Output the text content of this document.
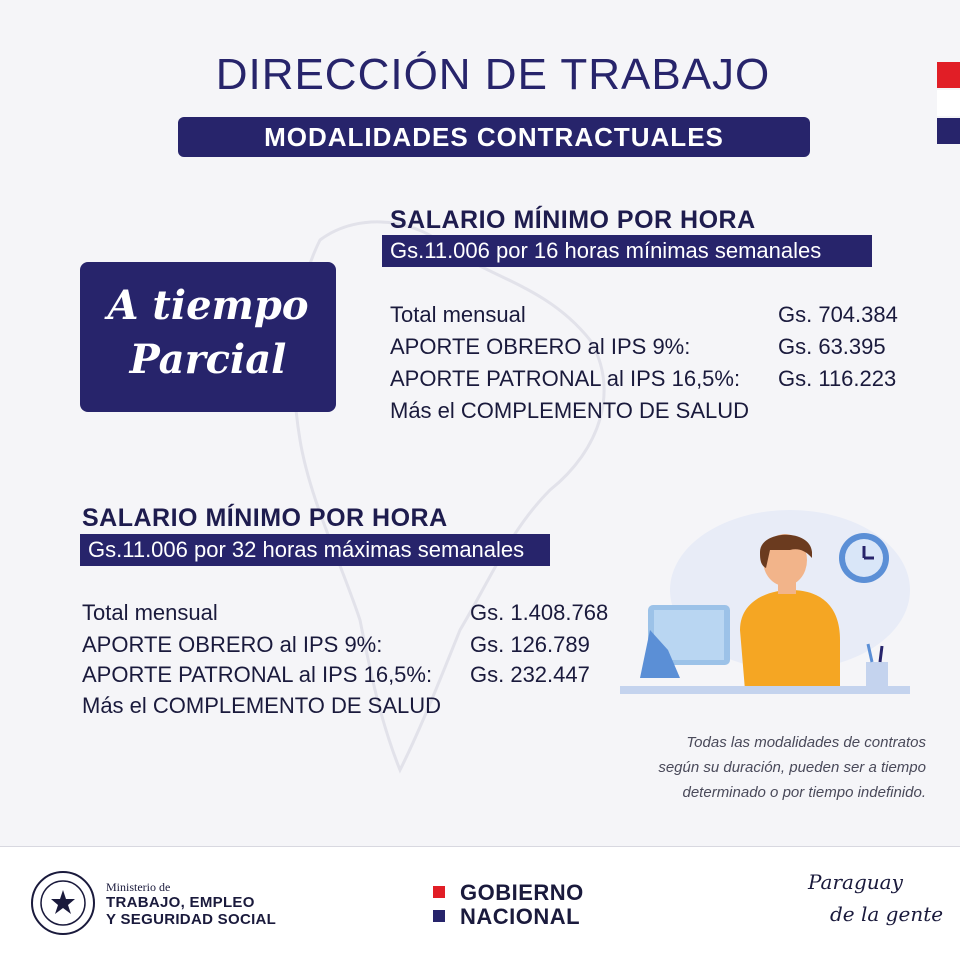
DIRECCIÓN DE TRABAJO
MODALIDADES CONTRACTUALES
A tiempo
Parcial
SALARIO MÍNIMO POR HORA
Gs.11.006 por 16 horas mínimas semanales
Total mensual	Gs. 704.384
APORTE OBRERO al IPS 9%:	Gs. 63.395
APORTE PATRONAL al IPS 16,5%: Gs. 116.223
Más el COMPLEMENTO DE SALUD
SALARIO MÍNIMO POR HORA
Gs.11.006 por 32 horas máximas semanales
Total mensual	Gs. 1.408.768
APORTE OBRERO al IPS 9%:	Gs. 126.789
APORTE PATRONAL al IPS 16,5%: Gs. 232.447
Más el COMPLEMENTO DE SALUD
Todas las modalidades de contratos
según su duración, pueden ser a tiempo
determinado o por tiempo indefinido.
Ministerio de
TRABAJO, EMPLEO
Y SEGURIDAD SOCIAL
GOBIERNO
NACIONAL
Paraguay
de la gente
